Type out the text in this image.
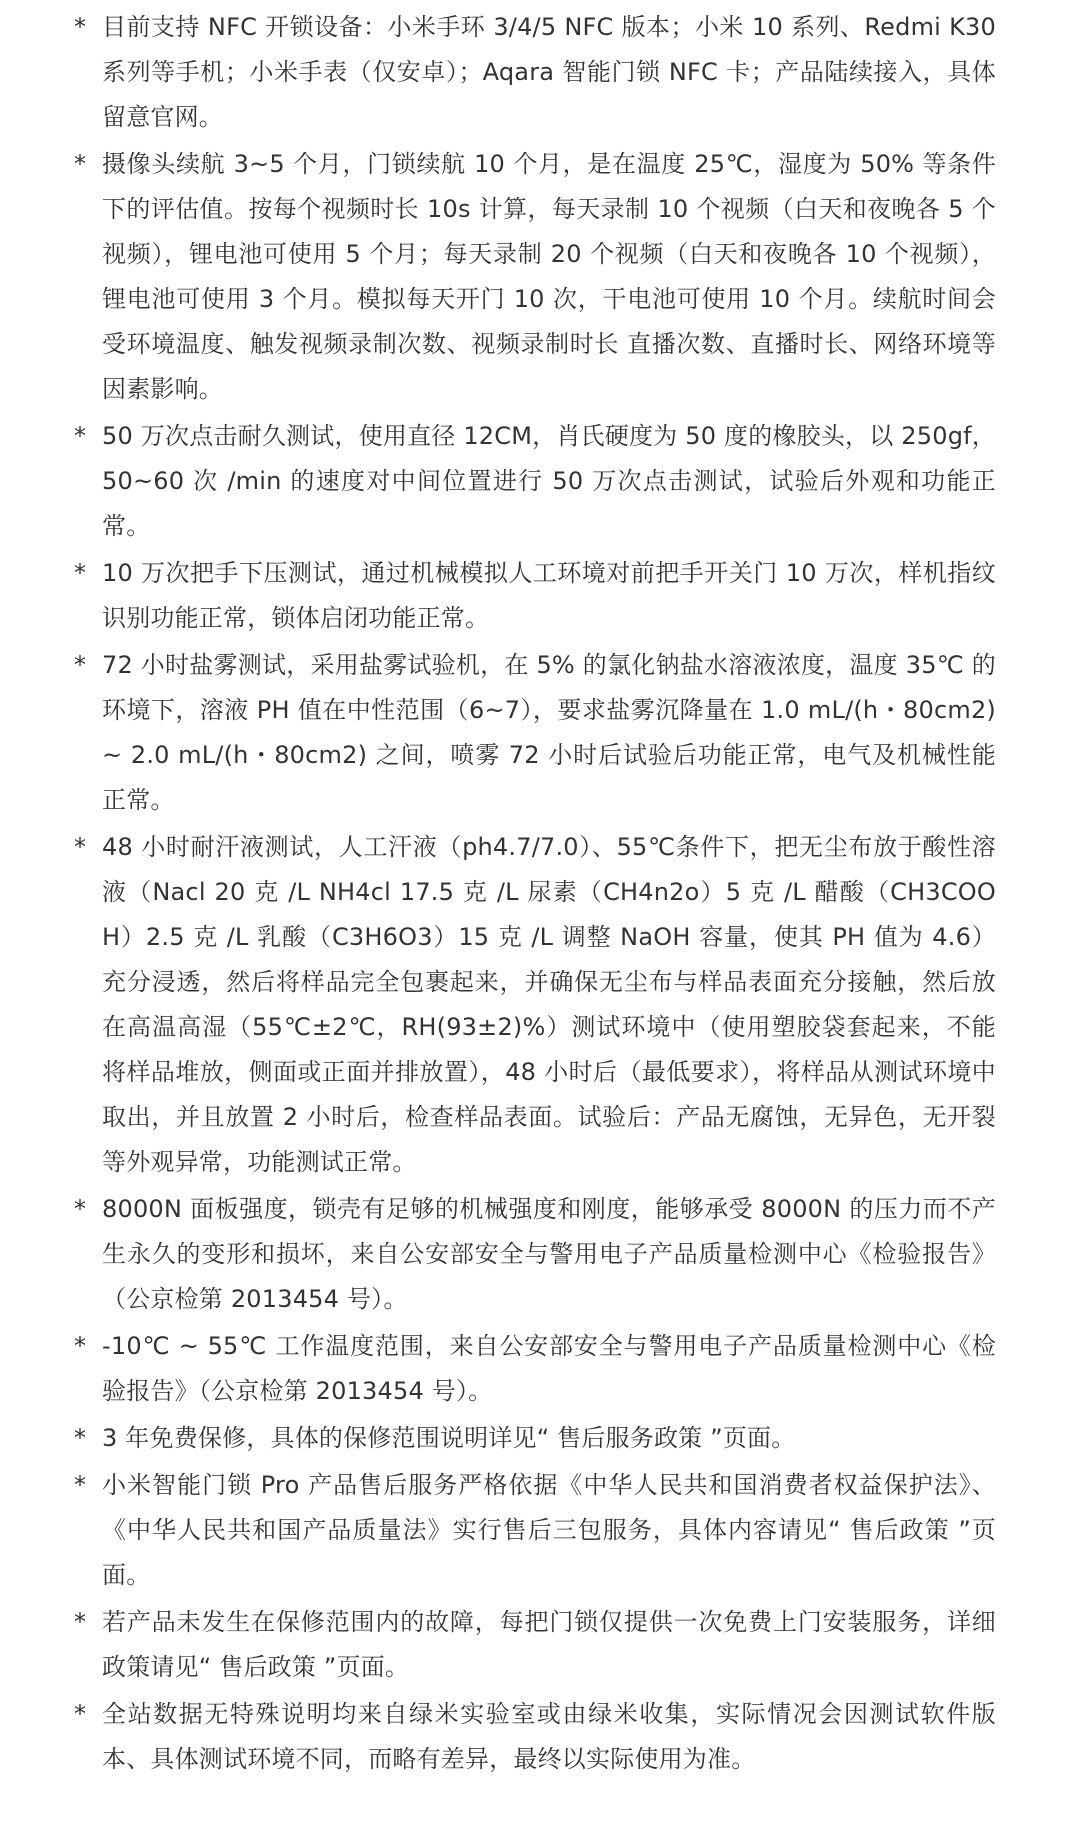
* 目前支持 NFC 开锁设备：小米手环 3/4/5 NFC 版本；小米 10 系列、Redmi K30 系列等手机；小米手表（仅安卓）；Aqara 智能门锁 NFC 卡；产品陆续接入，具体留意官网。
* 摄像头续航 3~5 个月，门锁续航 10 个月，是在温度 25℃，湿度为 50% 等条件下的评估值。按每个视频时长 10s 计算，每天录制 10 个视频（白天和夜晚各 5 个视频），锂电池可使用 5 个月；每天录制 20 个视频（白天和夜晚各 10 个视频），锂电池可使用 3 个月。模拟每天开门 10 次，干电池可使用 10 个月。续航时间会受环境温度、触发视频录制次数、视频录制时长 直播次数、直播时长、网络环境等因素影响。
* 50 万次点击耐久测试，使用直径 12CM，肖氏硬度为 50 度的橡胶头，以 250gf，50~60 次 /min 的速度对中间位置进行 50 万次点击测试，试验后外观和功能正常。
* 10 万次把手下压测试，通过机械模拟人工环境对前把手开关门 10 万次，样机指纹识别功能正常，锁体启闭功能正常。
* 72 小时盐雾测试，采用盐雾试验机，在 5% 的氯化钠盐水溶液浓度，温度 35℃ 的环境下，溶液 PH 值在中性范围（6~7），要求盐雾沉降量在 1.0 mL/(h・80cm2) ~ 2.0 mL/(h・80cm2) 之间，喷雾 72 小时后试验后功能正常，电气及机械性能正常。
* 48 小时耐汗液测试，人工汗液（ph4.7/7.0）、55℃条件下，把无尘布放于酸性溶液（Nacl 20 克 /L NH4cl 17.5 克 /L 尿素（CH4n2o）5 克 /L 醋酸（CH3COOH）2.5 克 /L 乳酸（C3H6O3）15 克 /L 调整 NaOH 容量，使其 PH 值为 4.6）充分浸透，然后将样品完全包裹起来，并确保无尘布与样品表面充分接触，然后放在高温高湿（55℃±2℃，RH(93±2)%）测试环境中（使用塑胶袋套起来，不能将样品堆放，侧面或正面并排放置），48 小时后（最低要求），将样品从测试环境中取出，并且放置 2 小时后，检查样品表面。试验后：产品无腐蚀，无异色，无开裂等外观异常，功能测试正常。
* 8000N 面板强度，锁壳有足够的机械强度和刚度，能够承受 8000N 的压力而不产生永久的变形和损坏，来自公安部安全与警用电子产品质量检测中心《检验报告》（公京检第 2013454 号）。
* -10℃ ~ 55℃ 工作温度范围，来自公安部安全与警用电子产品质量检测中心《检验报告》（公京检第 2013454 号）。
* 3 年免费保修，具体的保修范围说明详见“ 售后服务政策 ”页面。
* 小米智能门锁 Pro 产品售后服务严格依据《中华人民共和国消费者权益保护法》、《中华人民共和国产品质量法》实行售后三包服务，具体内容请见“ 售后政策 ”页面。
* 若产品未发生在保修范围内的故障，每把门锁仅提供一次免费上门安装服务，详细政策请见“ 售后政策 ”页面。
* 全站数据无特殊说明均来自绿米实验室或由绿米收集，实际情况会因测试软件版本、具体测试环境不同，而略有差异，最终以实际使用为准。
